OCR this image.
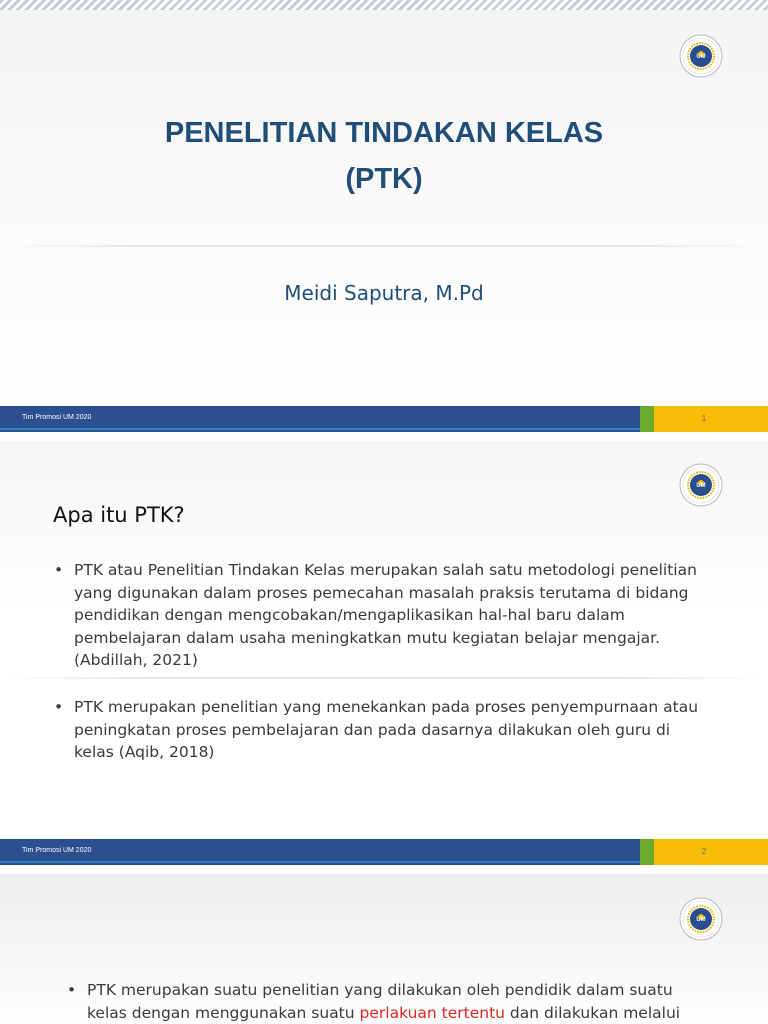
UM
PENELITIAN TINDAKAN KELAS
(PTK)
Meidi Saputra, M.Pd
Tim Promosi UM 2020	1
UM
Apa itu PTK?
• PTK atau Penelitian Tindakan Kelas merupakan salah satu metodologi penelitian yang digunakan dalam proses pemecahan masalah praksis terutama di bidang pendidikan dengan mengcobakan/mengaplikasikan hal-hal baru dalam pembelajaran dalam usaha meningkatkan mutu kegiatan belajar mengajar. (Abdillah, 2021)
• PTK merupakan penelitian yang menekankan pada proses penyempurnaan atau peningkatan proses pembelajaran dan pada dasarnya dilakukan oleh guru di kelas (Aqib, 2018)
Tim Promosi UM 2020	2
UM
• PTK merupakan suatu penelitian yang dilakukan oleh pendidik dalam suatu kelas dengan menggunakan suatu perlakuan tertentu dan dilakukan melalui
